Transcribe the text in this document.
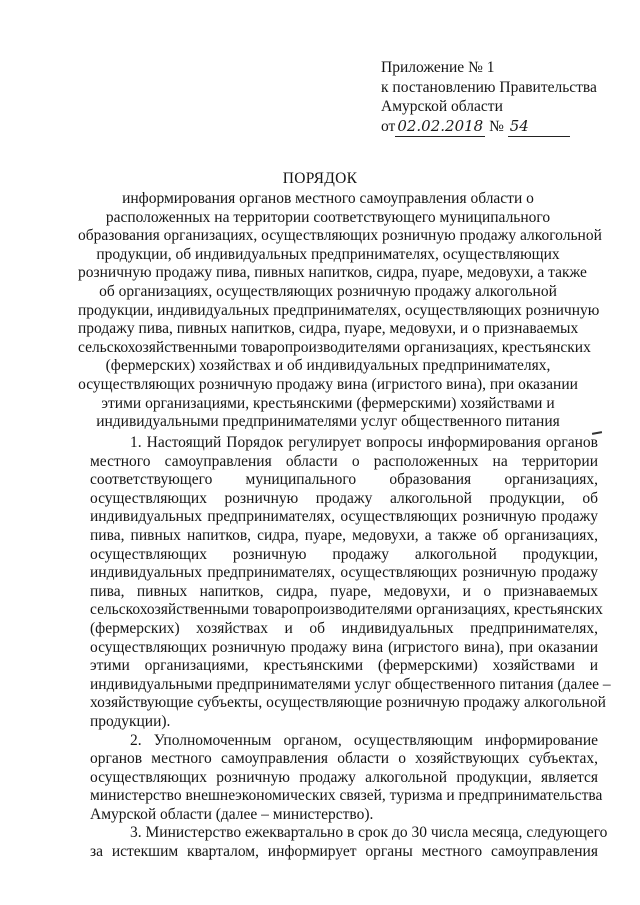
Приложение № 1
к постановлению Правительства
Амурской области
от 02.02.2018 № 54
ПОРЯДОК
информирования органов местного самоуправления области о
расположенных на территории соответствующего муниципального
образования организациях, осуществляющих розничную продажу алкогольной
продукции, об индивидуальных предпринимателях, осуществляющих
розничную продажу пива, пивных напитков, сидра, пуаре, медовухи, а также
об организациях, осуществляющих розничную продажу алкогольной
продукции, индивидуальных предпринимателях, осуществляющих розничную
продажу пива, пивных напитков, сидра, пуаре, медовухи, и о признаваемых
сельскохозяйственными товаропроизводителями организациях, крестьянских
(фермерских) хозяйствах и об индивидуальных предпринимателях,
осуществляющих розничную продажу вина (игристого вина), при оказании
этими организациями, крестьянскими (фермерскими) хозяйствами и
индивидуальными предпринимателями услуг общественного питания
1. Настоящий Порядок регулирует вопросы информирования органов
местного самоуправления области о расположенных на территории
соответствующего муниципального образования организациях,
осуществляющих розничную продажу алкогольной продукции, об
индивидуальных предпринимателях, осуществляющих розничную продажу
пива, пивных напитков, сидра, пуаре, медовухи, а также об организациях,
осуществляющих розничную продажу алкогольной продукции,
индивидуальных предпринимателях, осуществляющих розничную продажу
пива, пивных напитков, сидра, пуаре, медовухи, и о признаваемых
сельскохозяйственными товаропроизводителями организациях, крестьянских
(фермерских) хозяйствах и об индивидуальных предпринимателях,
осуществляющих розничную продажу вина (игристого вина), при оказании
этими организациями, крестьянскими (фермерскими) хозяйствами и
индивидуальными предпринимателями услуг общественного питания (далее –
хозяйствующие субъекты, осуществляющие розничную продажу алкогольной
продукции).
2. Уполномоченным органом, осуществляющим информирование
органов местного самоуправления области о хозяйствующих субъектах,
осуществляющих розничную продажу алкогольной продукции, является
министерство внешнеэкономических связей, туризма и предпринимательства
Амурской области (далее – министерство).
3. Министерство ежеквартально в срок до 30 числа месяца, следующего
за истекшим кварталом, информирует органы местного самоуправления
